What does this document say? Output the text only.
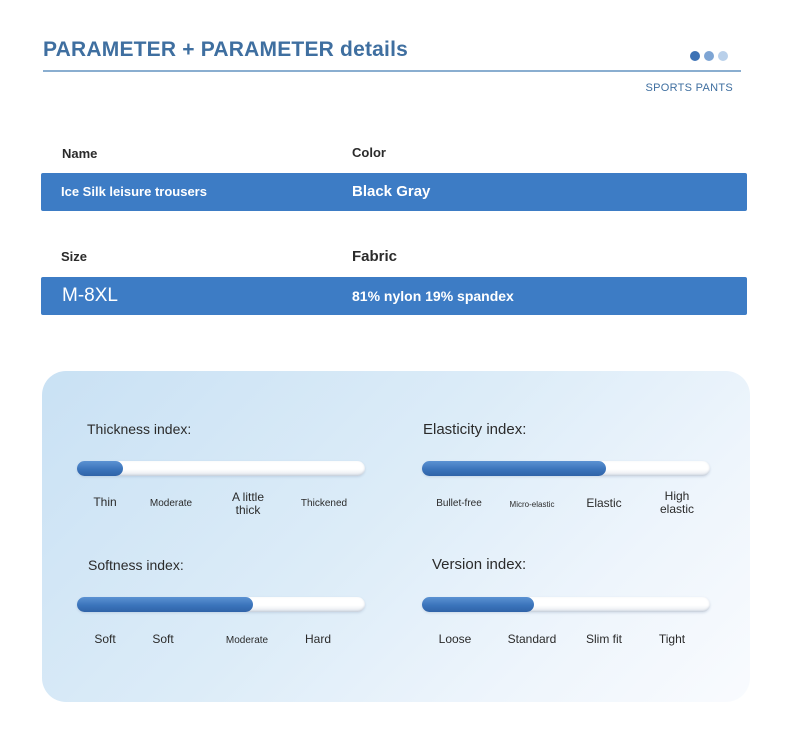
PARAMETER + PARAMETER details
SPORTS PANTS
Name	Color
Ice Silk leisure trousers	Black Gray
Size	Fabric
M-8XL	81% nylon 19% spandex
Thickness index:
Thin	Moderate	A little thick	Thickened
Elasticity index:
Bullet-free	Micro-elastic	Elastic	High elastic
Softness index:
Soft	Soft	Moderate	Hard
Version index:
Loose	Standard Slim fit	Tight
